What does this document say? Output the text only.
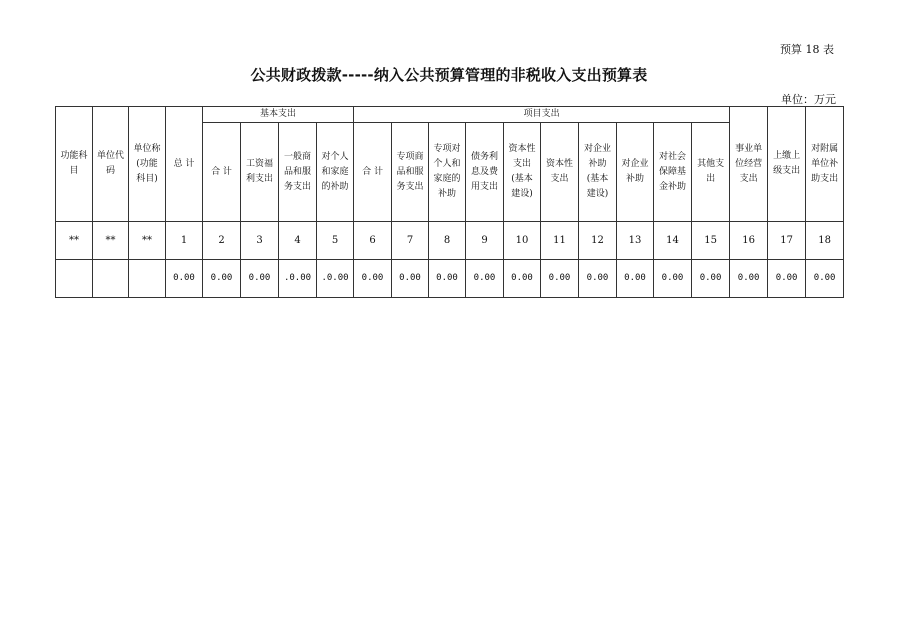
预算 18 表
公共财政拨款-----纳入公共预算管理的非税收入支出预算表
单位：万元
功能科目	单位代码	单位称(功能科目)	总 计	基本支出				项目支出										事业单位经营支出	上缴上级支出	对附属单位补助支出
				合 计	工资福利支出	一般商品和服务支出	对个人和家庭的补助	合 计	专项商品和服务支出	专项对个人和家庭的补助	债务利息及费用支出	资本性支出(基本建设)	资本性支出	对企业补助(基本建设)	对企业补助	对社会保障基金补助	其他支出			
**	**	**	1	2	3	4	5	6	7	8	9	10	11	12	13	14	15	16	17	18
			0.00	0.00	0.00	.0.00	.0.00	0.00	0.00	0.00	0.00	0.00	0.00	0.00	0.00	0.00	0.00	0.00	0.00	0.00
